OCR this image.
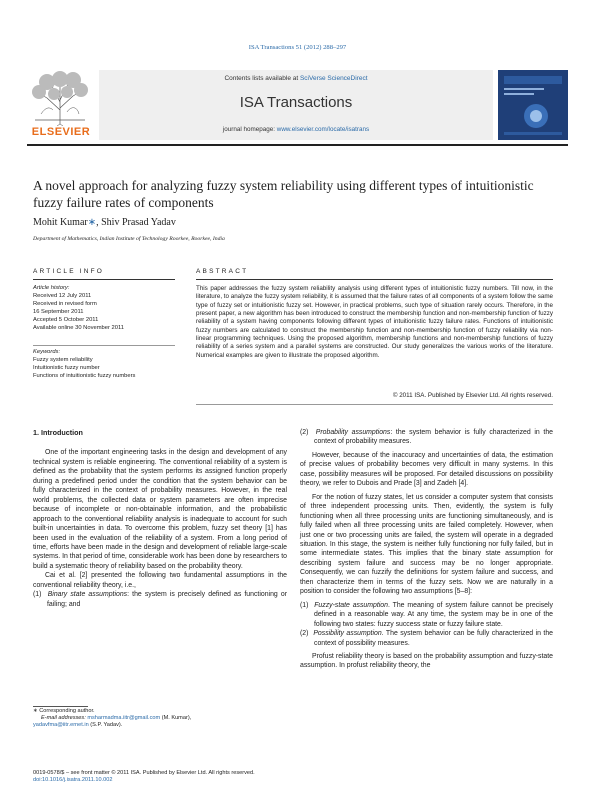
ISA Transactions 51 (2012) 288–297
ELSEVIER
Contents lists available at SciVerse ScienceDirect
ISA Transactions
journal homepage: www.elsevier.com/locate/isatrans
A novel approach for analyzing fuzzy system reliability using different types of intuitionistic fuzzy failure rates of components
Mohit Kumar∗, Shiv Prasad Yadav
Department of Mathematics, Indian Institute of Technology Roorkee, Roorkee, India
ARTICLE INFO	ABSTRACT
Article history:
Received 12 July 2011
Received in revised form
16 September 2011
Accepted 5 October 2011
Available online 30 November 2011
Keywords:
Fuzzy system reliability
Intuitionistic fuzzy number
Functions of intuitionistic fuzzy numbers
This paper addresses the fuzzy system reliability analysis using different types of intuitionistic fuzzy numbers. Till now, in the literature, to analyze the fuzzy system reliability, it is assumed that the failure rates of all components of a system follow the same type of fuzzy set or intuitionistic fuzzy set. However, in practical problems, such type of situation rarely occurs. Therefore, in the present paper, a new algorithm has been introduced to construct the membership function and non-membership function of fuzzy reliability of a system having components following different types of intuitionistic fuzzy failure rates. Functions of intuitionistic fuzzy numbers are calculated to construct the membership function and non-membership function of fuzzy reliability via non-linear programming techniques. Using the proposed algorithm, membership functions and non-membership functions of fuzzy reliability of a series system and a parallel systems are constructed. Our study generalizes the various works of the literature. Numerical examples are given to illustrate the proposed algorithm.
© 2011 ISA. Published by Elsevier Ltd. All rights reserved.
1. Introduction

One of the important engineering tasks in the design and development of any technical system is reliable engineering. The conventional reliability of a system is defined as the probability that the system performs its assigned function properly during a predefined period under the condition that the system behavior can be fully characterized in the context of probability measures. However, in the real world problems, the collected data or system parameters are often imprecise because of incomplete or non-obtainable information, and the probabilistic approach to the conventional reliability analysis is inadequate to account for such built-in uncertainties in data. To overcome this problem, fuzzy set theory [1] has been used in the evaluation of the reliability of a system. From a long period of time, efforts have been made in the design and development of reliable large-scale systems. In that period of time, considerable work has been done by researchers to build a systematic theory of reliability based on the probability theory.

Cai et al. [2] presented the following two fundamental assumptions in the conventional reliability theory, i.e.,

(1) Binary state assumptions: the system is precisely defined as functioning or failing; and

(2) Probability assumptions: the system behavior is fully characterized in the context of probability measures.

However, because of the inaccuracy and uncertainties of data, the estimation of precise values of probability becomes very difficult in many systems. In this case, possibility measures will be proposed. For detailed discussions on possibility theory, we refer to Dubois and Prade [3] and Zadeh [4].

For the notion of fuzzy states, let us consider a computer system that consists of three independent processing units. Then, evidently, the system is fully functioning when all three processing units are functioning simultaneously, and is fully failed when all three processing units are failed completely. However, when just one or two processing units are failed, the system will operate in a degraded situation. In this stage, the system is neither fully functioning nor fully failed, but in some intermediate states. This implies that the binary state assumption for describing system failure and success may be no longer appropriate. Consequently, we can fuzzify the definitions for system failure and success, and then characterize them in terms of the fuzzy sets. Now we are naturally in a position to consider the following two assumptions [5–8]:

(1) Fuzzy-state assumption. The meaning of system failure cannot be precisely defined in a reasonable way. At any time, the system may be in one of the following two states: fuzzy success state or fuzzy failure state.

(2) Possibility assumption. The system behavior can be fully characterized in the context of possibility measures.

Profust reliability theory is based on the probability assumption and fuzzy-state assumption. In profust reliability theory, the

∗ Corresponding author.
E-mail addresses: msharmadma.iitr@gmail.com (M. Kumar),
yadavfma@iitr.ernet.in (S.P. Yadav).
0019-0578/$ – see front matter © 2011 ISA. Published by Elsevier Ltd. All rights reserved.
doi:10.1016/j.isatra.2011.10.002
